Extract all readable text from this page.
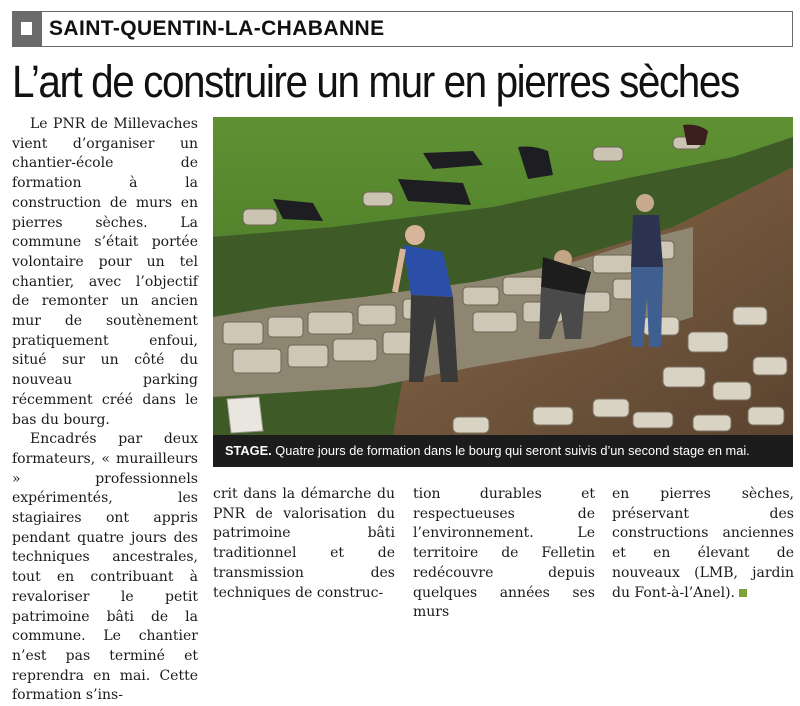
SAINT-QUENTIN-LA-CHABANNE
L’art de construire un mur en pierres sèches

Le PNR de Millevaches vient d’organiser un chantier-école de formation à la construction de murs en pierres sèches. La commune s’était portée volontaire pour un tel chantier, avec l’objectif de remonter un ancien mur de soutènement pratiquement enfoui, situé sur un côté du nouveau parking récemment créé dans le bas du bourg.

Encadrés par deux formateurs, « murailleurs » professionnels expérimentés, les stagiaires ont appris pendant quatre jours des techniques ancestrales, tout en contribuant à revaloriser le petit patrimoine bâti de la commune. Le chantier n’est pas terminé et reprendra en mai. Cette formation s’ins-

STAGE. Quatre jours de formation dans le bourg qui seront suivis d’un second stage en mai.

crit dans la démarche du PNR de valorisation du patrimoine bâti traditionnel et de transmission des techniques de construc-

tion durables et respectueuses de l’environnement. Le territoire de Felletin redécouvre depuis quelques années ses murs

en pierres sèches, préservant des constructions anciennes et en élevant de nouveaux (LMB, jardin du Font-à-l’Anel).
